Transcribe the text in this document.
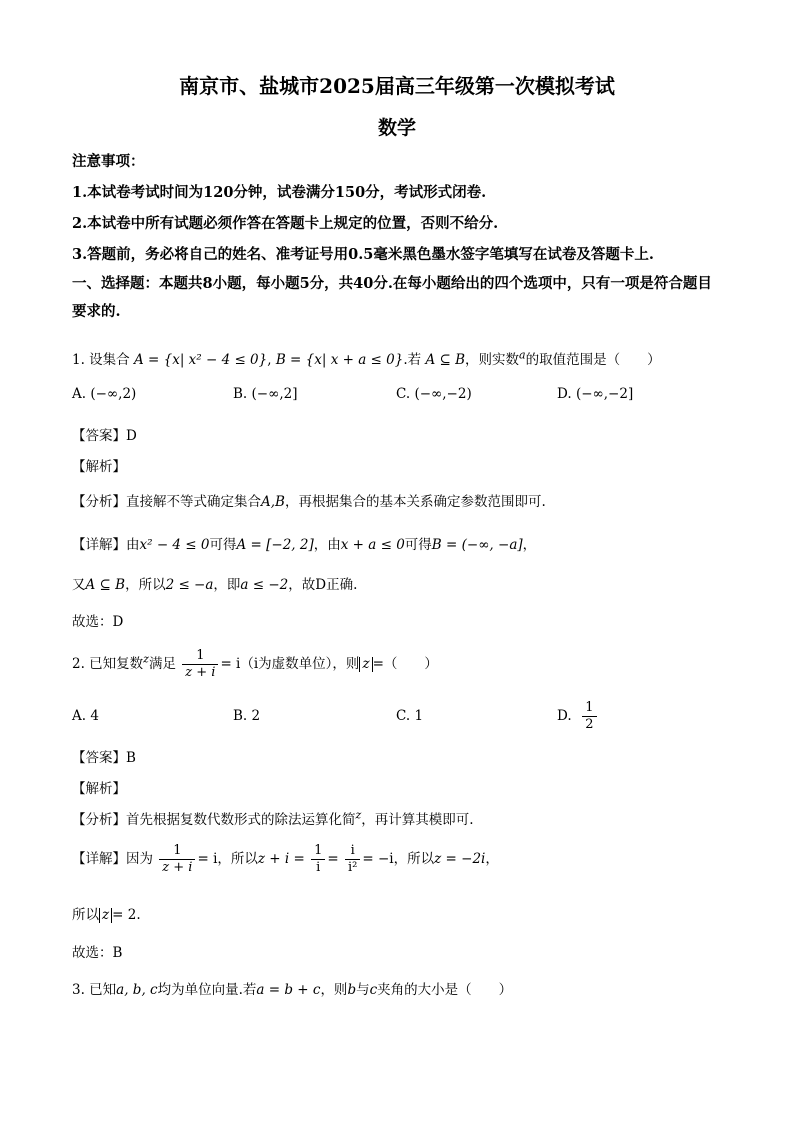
南京市、盐城市2025届高三年级第一次模拟考试
数学
注意事项：
1.本试卷考试时间为120分钟，试卷满分150分，考试形式闭卷.
2.本试卷中所有试题必须作答在答题卡上规定的位置，否则不给分.
3.答题前，务必将自己的姓名、准考证号用0.5毫米黑色墨水签字笔填写在试卷及答题卡上.
一、选择题：本题共8小题，每小题5分，共40分.在每小题给出的四个选项中，只有一项是符合题目要求的.
1. 设集合 A = {x| x² − 4 ≤ 0}, B = {x| x + a ≤ 0}.若 A ⊆ B，则实数$^a$的取值范围是（　　）
A. (−∞,2)	B. (−∞,2]	C. (−∞,−2)	D. (−∞,−2]
【答案】D
【解析】
【分析】直接解不等式确定集合A,B，再根据集合的基本关系确定参数范围即可.
【详解】由x² − 4 ≤ 0可得A = [−2, 2]，由x + a ≤ 0可得B = (−∞, −a]，
又A ⊆ B，所以2 ≤ −a，即a ≤ −2，故D正确.
故选：D
2. 已知复数$^z$满足 $\frac{1}{z + i} = i(i$为虚数单位），则 z =（　　）
A. 4	B. 2	C. 1	D. $\frac{1}{2}$
【答案】B
【解析】
【分析】首先根据复数代数形式的除法运算化简$^z$，再计算其模即可.
【详解】因为 $\frac{1}{z + i} = i$，所以$z + i = \frac{1}{i} = \frac{i}{\text{i²}} = -i$，所以z = −2i，
所以 z = 2.
故选：B
3. 已知a, b, c均为单位向量.若a = b + c，则b与c夹角的大小是（　　）
